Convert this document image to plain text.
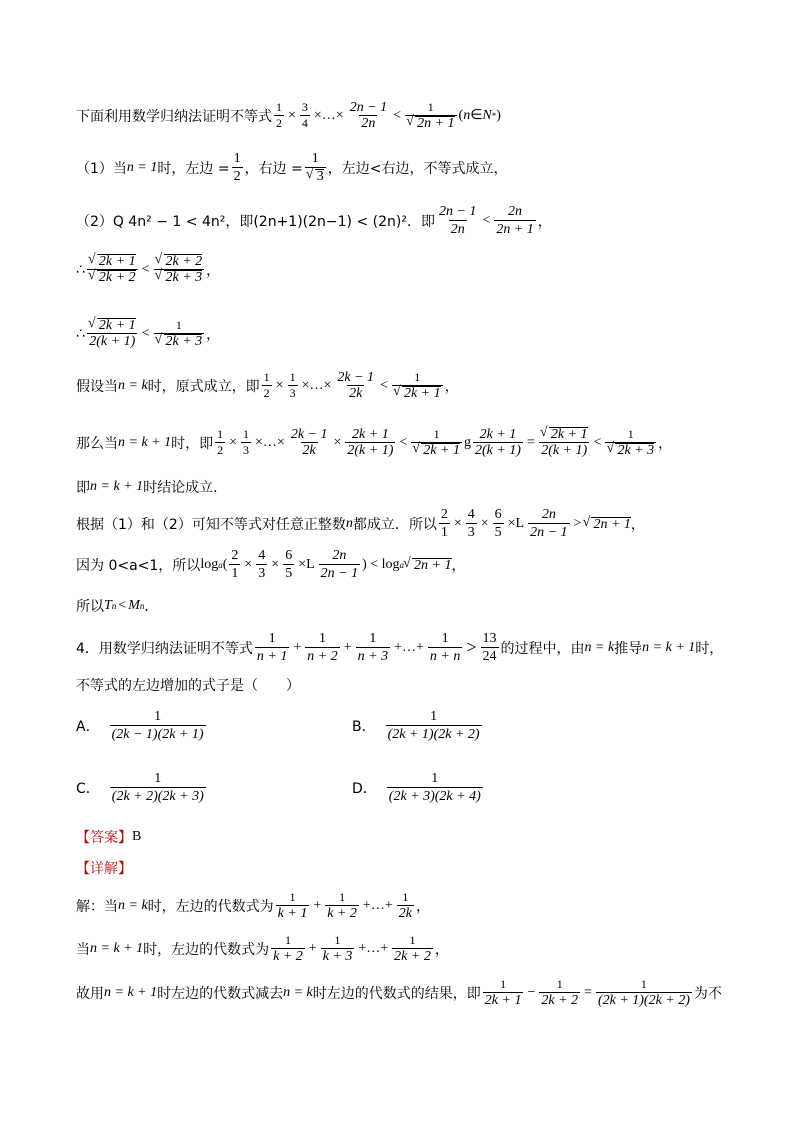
下面利用数学归纳法证明不等式 $\frac{1}{2} \times \frac{3}{4}$ ×…× $\frac{2n - 1}{2n} < 1$
√ 2n + 1 ( n ∈ N * )
（1）当 n = 1 时，左边 = $\frac{1}{2}$ ，右边 = 1
√ 3 ，左边<右边，不等式成立，
（2）Q 4n² − 1 < 4n²，即(2n+1)(2n−1) < (2n)²．即 $\frac{2n - 1}{2n} < \frac{2n}{2n + 1}$ ，
∴ √ 2k + 1
√ 2k + 2 < √ 2k + 2
√ 2k + 3 ，
∴ √ $\frac{2k + 1}{2(k + 1)} < 1$
√ 2k + 3 ，
假设当 n = k 时，原式成立，即 $\frac{1}{2} \times \frac{1}{3}$ ×…× $\frac{2k - 1}{2k} < 1$
√ 2k + 1 ，
那么当 n = k + 1 时，即 $\frac{1}{2} \times \frac{1}{3}$ ×…× $\frac{2k - 1}{2k} \times \frac{2k + 1}{2(k + 1)} < 1$
√ 2k + 1 g $\frac{2k + 1}{2(k + 1)}$ = √ $\frac{2k + 1}{2(k + 1)} < 1$
√ 2k + 3 ，
即 n = k + 1 时结论成立．
根据（1）和（2）可知不等式对任意正整数 n 都成立．所以 $\frac{2}{1} \times \frac{4}{3} \times \frac{6}{5} \times L \frac{2n}{2n - 1}$ > √ 2n + 1 ，
因为 0<a<1，所以 log a ( $\frac{2}{1} \times \frac{4}{3} \times \frac{6}{5} \times L \frac{2n}{2n - 1}$ ) < log a √ 2n + 1 ，
所以 T n < M n ．
4． 用数学归纳法证明不等式 $\frac{1}{n + 1} + \frac{1}{n + 2} + \frac{1}{n + 3}$ +…+ $\frac{1}{n + n} > \frac{13}{24}$ 的过程中，由 n = k 推导 n = k + 1 时，
不等式的左边增加的式子是（　　）
A． $\frac{1}{(2k - 1)(2k + 1)}$	B． $\frac{1}{(2k + 1)(2k + 2)}$
C． $\frac{1}{(2k + 2)(2k + 3)}$	D． $\frac{1}{(2k + 3)(2k + 4)}$
【答案】 B
【详解】
解：当 n = k 时，左边的代数式为 $\frac{1}{k + 1} + \frac{1}{k + 2}$ +…+ $\frac{1}{2k}$ ，
当 n = k + 1 时，左边的代数式为 $\frac{1}{k + 2} + \frac{1}{k + 3}$ +…+ $\frac{1}{2k + 2}$ ，
故用 n = k + 1 时左边的代数式减去 n = k 时左边的代数式的结果，即 $\frac{1}{2k + 1} - \frac{1}{2k + 2} = \frac{1}{(2k + 1)(2k + 2)}$ 为不
